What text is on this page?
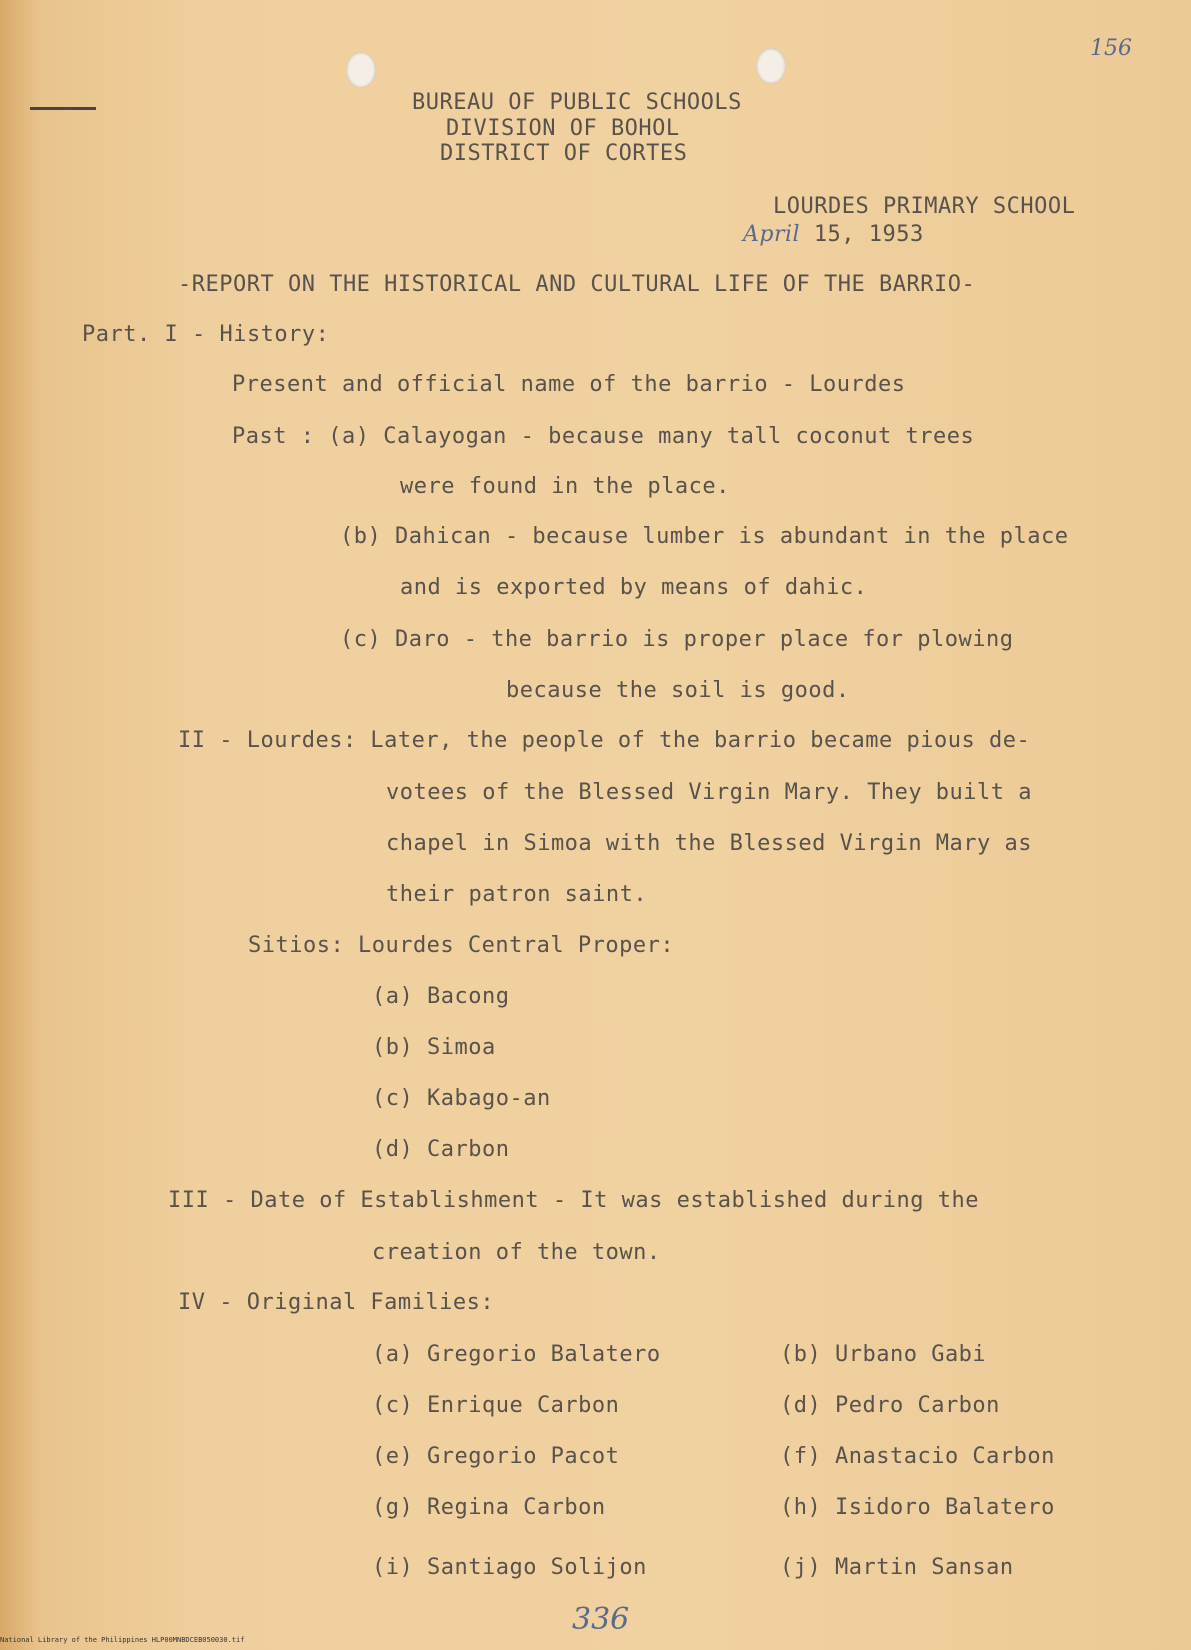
156
BUREAU OF PUBLIC SCHOOLS
DIVISION OF BOHOL
DISTRICT OF CORTES
LOURDES PRIMARY SCHOOL
April 15, 1953
-REPORT ON THE HISTORICAL AND CULTURAL LIFE OF THE BARRIO-
Part. I - History:
Present and official name of the barrio - Lourdes
Past : (a) Calayogan - because many tall coconut trees
were found in the place.
(b) Dahican - because lumber is abundant in the place
and is exported by means of dahic.
(c) Daro - the barrio is proper place for plowing
because the soil is good.
II - Lourdes: Later, the people of the barrio became pious de-
votees of the Blessed Virgin Mary. They built a
chapel in Simoa with the Blessed Virgin Mary as
their patron saint.
Sitios: Lourdes Central Proper:
(a) Bacong
(b) Simoa
(c) Kabago-an
(d) Carbon
III - Date of Establishment - It was established during the
creation of the town.
IV - Original Families:
(a) Gregorio Balatero	(b) Urbano Gabi
(c) Enrique Carbon	(d) Pedro Carbon
(e) Gregorio Pacot	(f) Anastacio Carbon
(g) Regina Carbon	(h) Isidoro Balatero
(i) Santiago Solijon	(j) Martin Sansan
336
National Library of the Philippines HLP00MNBDCEB050030.tif
